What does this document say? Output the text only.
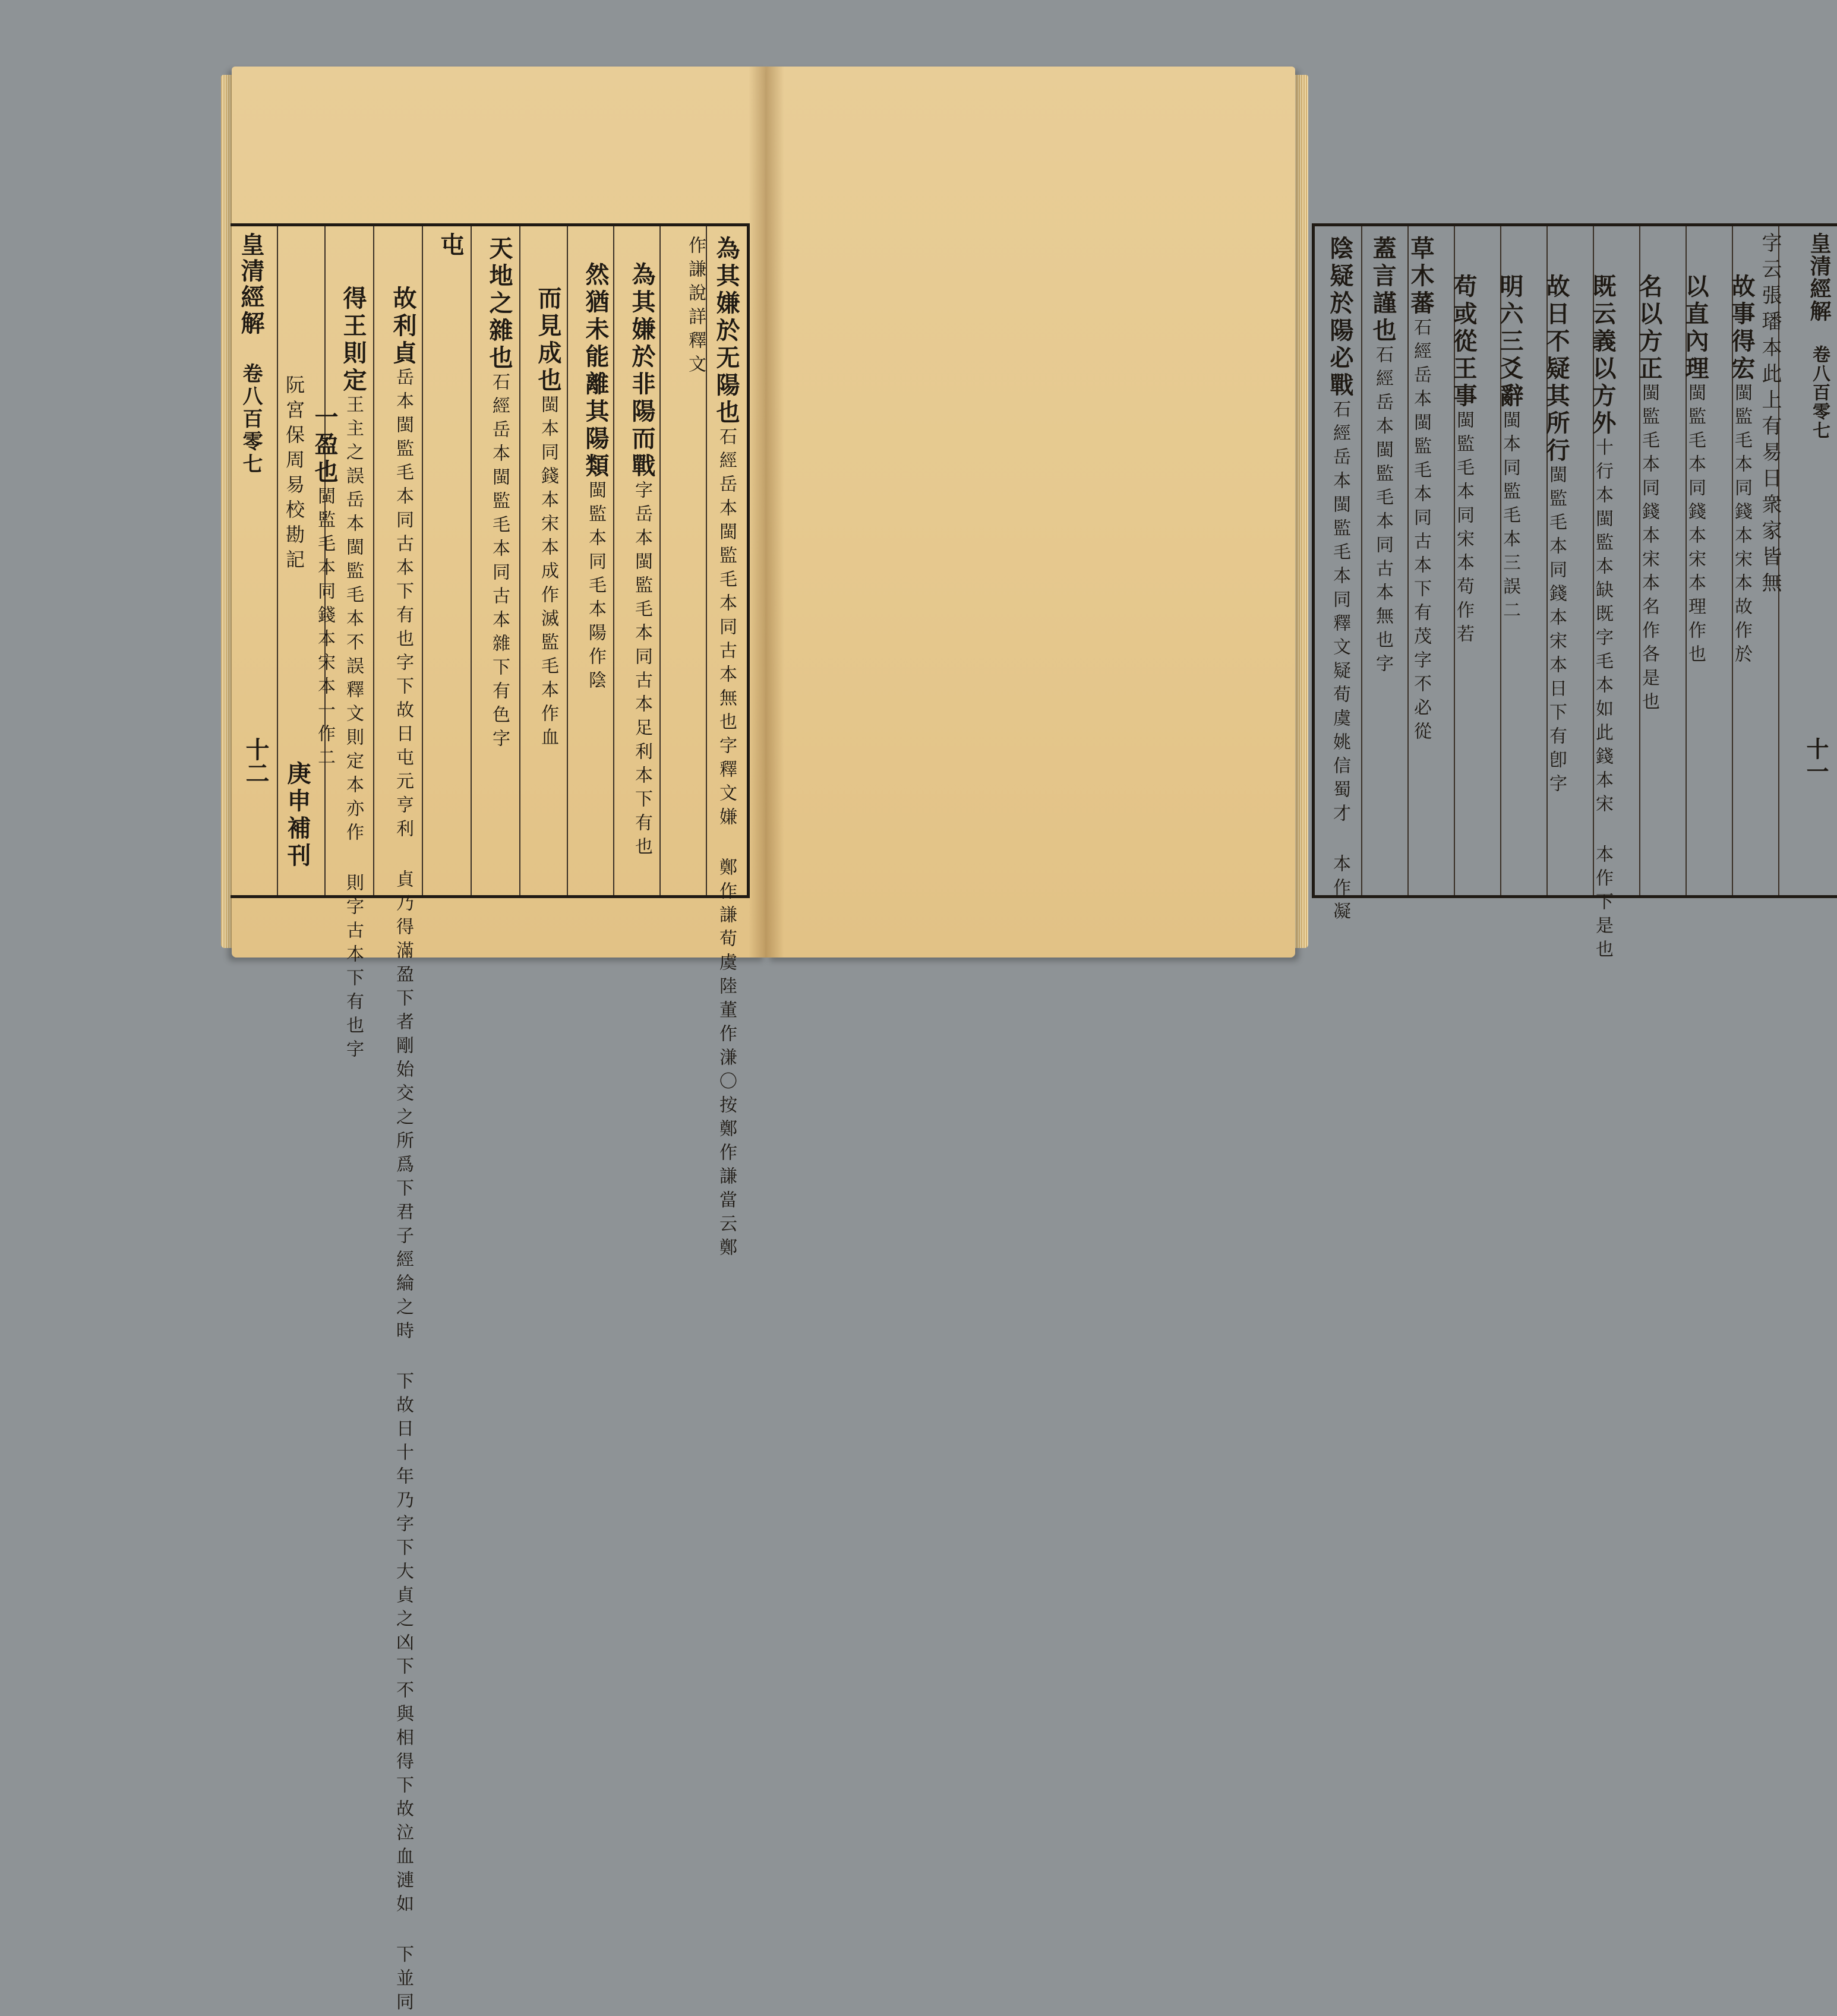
皇清經解
卷八百零七
十二
阮宮保周易校勘記
庚申補刊
為其嫌於无陽也石經岳本閩監毛本同古本無也字釋文嫌 鄭作謙荀虞陸董作溓〇按鄭作謙當云鄭
作謙說詳釋文
為其嫌於非陽而戰字岳本閩監毛本同古本足利本下有也
然猶未能離其陽類閩監本同毛本陽作陰
而見成也閩本同錢本宋本成作滅監毛本作血
天地之雜也石經岳本閩監毛本同古本雜下有色字
屯
故利貞岳本閩監毛本同古本下有也字下故日屯元亨利 貞乃得滿盈下者剛始交之所爲下君子經綸之時 下故日十年乃字下大貞之凶下不與相得下故泣血漣如 下並同
得王則定王主之誤岳本閩監毛本不誤釋文則定本亦作 則字古本下有也字
一盈也閩監毛本同錢本宋本一作二
字云張璠本此上有易日衆家皆無
故事得宏閩監毛本同錢本宋本故作於
以直內理閩監毛本同錢本宋本理作也
名以方正閩監毛本同錢本宋本名作各是也
既云義以方外十行本閩監本缺既字毛本如此錢本宋 本作下是也
故日不疑其所行閩監毛本同錢本宋本日下有卽字
明六三爻辭閩本同監毛本三誤二
苟或從王事閩監毛本同宋本苟作若
草木蕃石經岳本閩監毛本同古本下有茂字不必從
蓋言謹也石經岳本閩監毛本同古本無也字
陰疑於陽必戰石經岳本閩監毛本同釋文疑荀虞姚信蜀才 本作凝
皇清經解
卷八百零七
十一
